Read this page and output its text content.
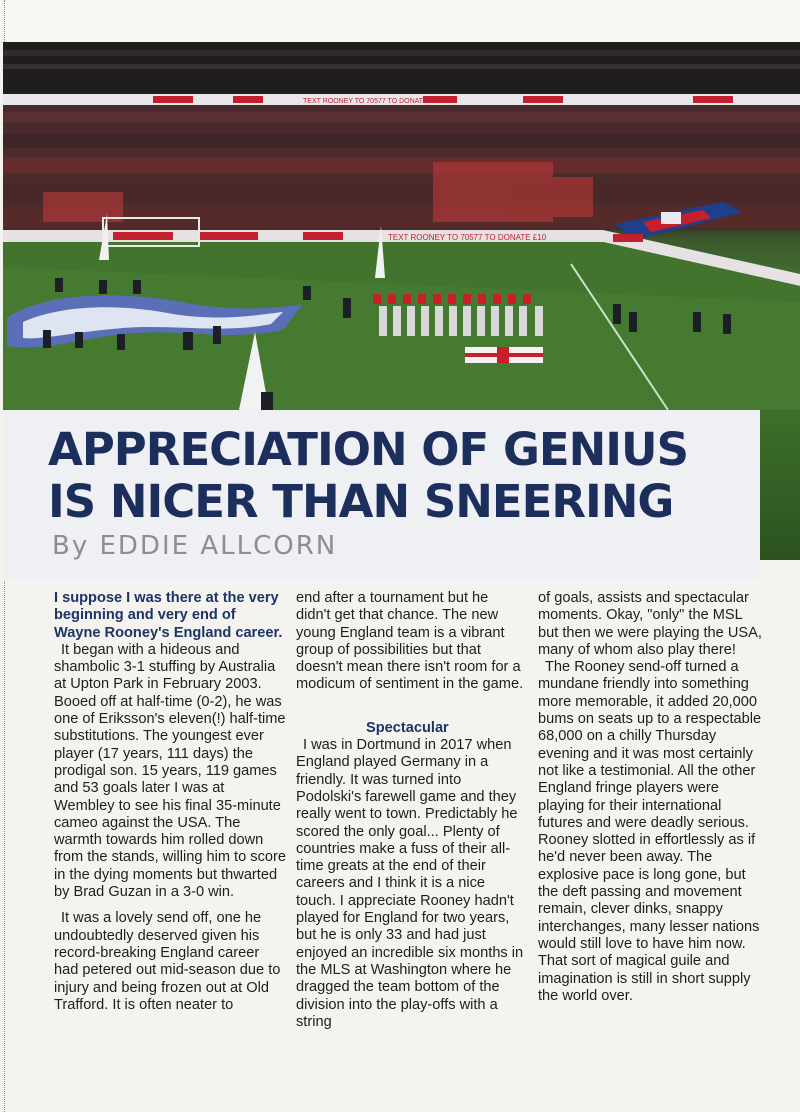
TEXT ROONEY TO 70577 TO DONATE £10
TEXT ROONEY TO 70577 TO DONATE £10
APPRECIATION OF GENIUS
IS NICER THAN SNEERING

By EDDIE ALLCORN

I suppose I was there at the very beginning and very end of Wayne Rooney's England career.

It began with a hideous and shambolic 3-1 stuffing by Australia at Upton Park in February 2003. Booed off at half-time (0-2), he was one of Eriksson's eleven(!) half-time substitutions. The youngest ever player (17 years, 111 days) the prodigal son. 15 years, 119 games and 53 goals later I was at Wembley to see his final 35-minute cameo against the USA. The warmth towards him rolled down from the stands, willing him to score in the dying moments but thwarted by Brad Guzan in a 3-0 win.

It was a lovely send off, one he undoubtedly deserved given his record-breaking England career had petered out mid-season due to injury and being frozen out at Old Trafford. It is often neater to

end after a tournament but he didn't get that chance. The new young England team is a vibrant group of possibilities but that doesn't mean there isn't room for a modicum of sentiment in the game.

Spectacular

I was in Dortmund in 2017 when England played Germany in a friendly. It was turned into Podolski's farewell game and they really went to town. Predictably he scored the only goal... Plenty of countries make a fuss of their all-time greats at the end of their careers and I think it is a nice touch. I appreciate Rooney hadn't played for England for two years, but he is only 33 and had just enjoyed an incredible six months in the MLS at Washington where he dragged the team bottom of the division into the play-offs with a string

of goals, assists and spectacular moments. Okay, "only" the MSL but then we were playing the USA, many of whom also play there!

The Rooney send-off turned a mundane friendly into something more memorable, it added 20,000 bums on seats up to a respectable 68,000 on a chilly Thursday evening and it was most certainly not like a testimonial. All the other England fringe players were playing for their international futures and were deadly serious. Rooney slotted in effortlessly as if he'd never been away. The explosive pace is long gone, but the deft passing and movement remain, clever dinks, snappy interchanges, many lesser nations would still love to have him now. That sort of magical guile and imagination is still in short supply the world over.
